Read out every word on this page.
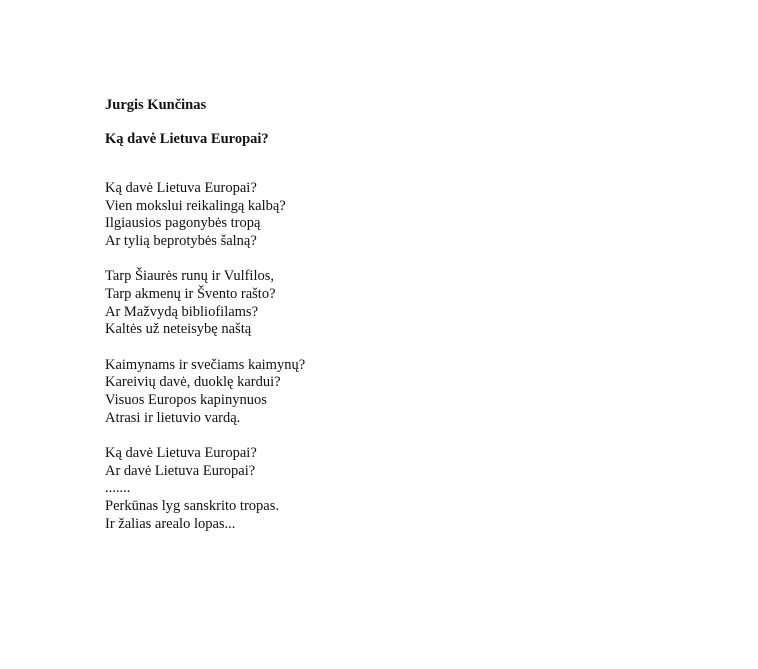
Jurgis Kunčinas

Ką davė Lietuva Europai?

Ką davė Lietuva Europai?
Vien mokslui reikalingą kalbą?
Ilgiausios pagonybės tropą
Ar tylią beprotybės šalną?
Tarp Šiaurės runų ir Vulfilos,
Tarp akmenų ir Švento rašto?
Ar Mažvydą bibliofilams?
Kaltės už neteisybę naštą
Kaimynams ir svečiams kaimynų?
Kareivių davė, duoklę kardui?
Visuos Europos kapinynuos
Atrasi ir lietuvio vardą.
Ką davė Lietuva Europai?
Ar davė Lietuva Europai?
.......
Perkūnas lyg sanskrito tropas.
Ir žalias arealo lopas...
